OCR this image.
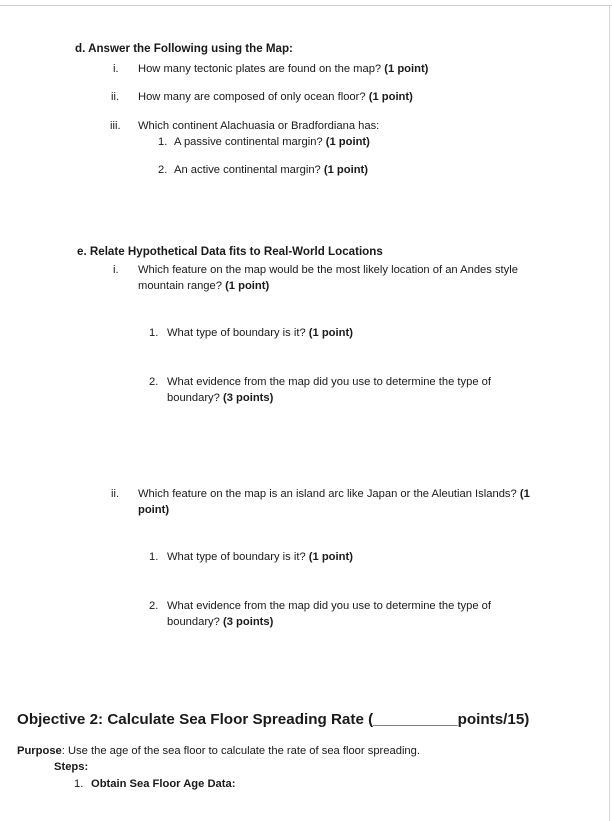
d. Answer the Following using the Map:
i. How many tectonic plates are found on the map? (1 point)
ii. How many are composed of only ocean floor? (1 point)
iii. Which continent Alachuasia or Bradfordiana has:
1. A passive continental margin? (1 point)
2. An active continental margin? (1 point)
e. Relate Hypothetical Data fits to Real-World Locations
i. Which feature on the map would be the most likely location of an Andes style
mountain range? (1 point)
1. What type of boundary is it? (1 point)
2. What evidence from the map did you use to determine the type of
boundary? (3 points)
ii. Which feature on the map is an island arc like Japan or the Aleutian Islands? (1
point)
1. What type of boundary is it? (1 point)
2. What evidence from the map did you use to determine the type of
boundary? (3 points)
Objective 2: Calculate Sea Floor Spreading Rate (__________points/15)
Purpose: Use the age of the sea floor to calculate the rate of sea floor spreading.
Steps:
1. Obtain Sea Floor Age Data:
